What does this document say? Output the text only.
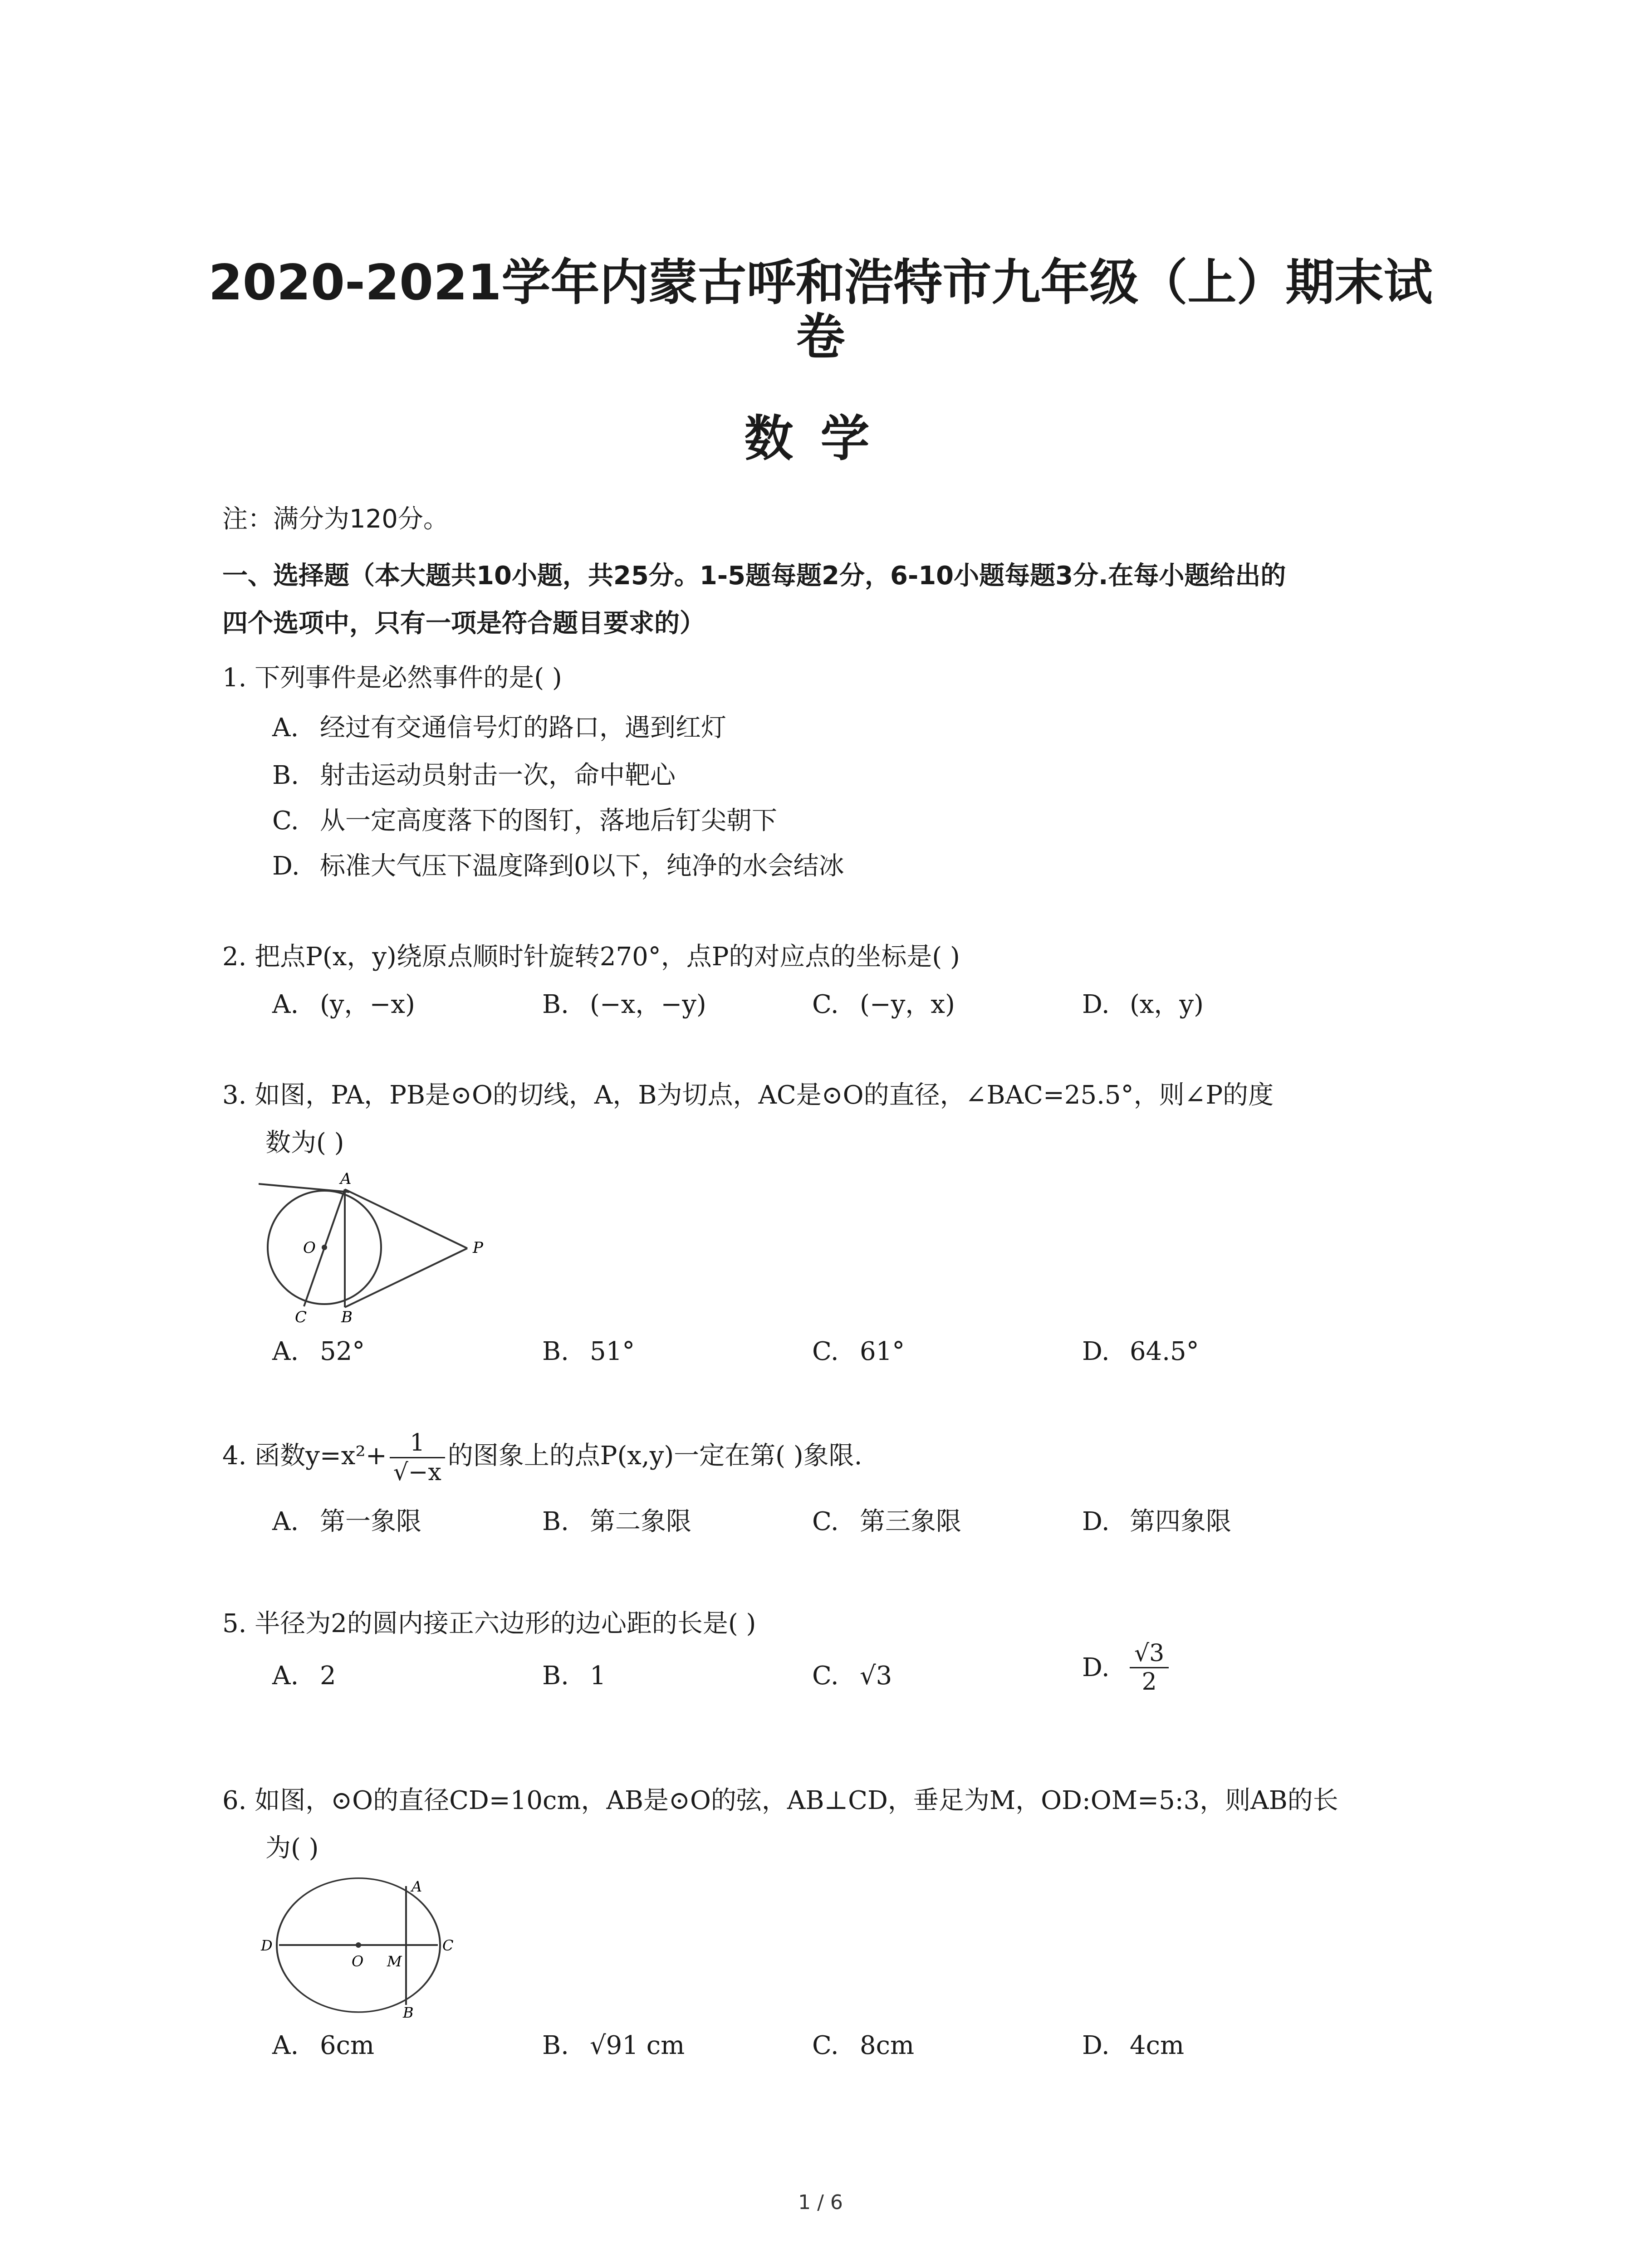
2020-2021学年内蒙古呼和浩特市九年级（上）期末试
卷
数学

注：满分为120分。

一、选择题（本大题共10小题，共25分。1-5题每题2分，6-10小题每题3分.在每小题给出的

四个选项中，只有一项是符合题目要求的）

1. 下列事件是必然事件的是( )

A. 经过有交通信号灯的路口，遇到红灯
B. 射击运动员射击一次，命中靶心
C. 从一定高度落下的图钉，落地后钉尖朝下
D. 标准大气压下温度降到0以下，纯净的水会结冰

2. 把点P(x，y)绕原点顺时针旋转270°，点P的对应点的坐标是( )

A. (y，−x)	B. (−x，−y)	C. (−y，x)	D. (x，y)

3. 如图，PA，PB是⊙O的切线，A，B为切点，AC是⊙O的直径，∠BAC=25.5°，则∠P的度

数为( )

A
O	P
C B
A. 52°	B. 51°	C. 61°	D. 64.5°
4. 函数$y=x^2+ \frac{1}{√-x}$ 的图象上的点P(x,y)一定在第( )象限.
A. 第一象限	B. 第二象限	C. 第三象限	D. 第四象限

5. 半径为2的圆内接正六边形的边心距的长是( )

A. 2	B. 1	C. √3	D. $\frac{√3}{2}$

6. 如图，⊙O的直径CD=10cm，AB是⊙O的弦，AB⊥CD，垂足为M，OD:OM=5:3，则AB的长

为( )

A
D
O M
C
B
A. 6cm	B. √91 cm	C. 8cm	D. 4cm
1 / 6
